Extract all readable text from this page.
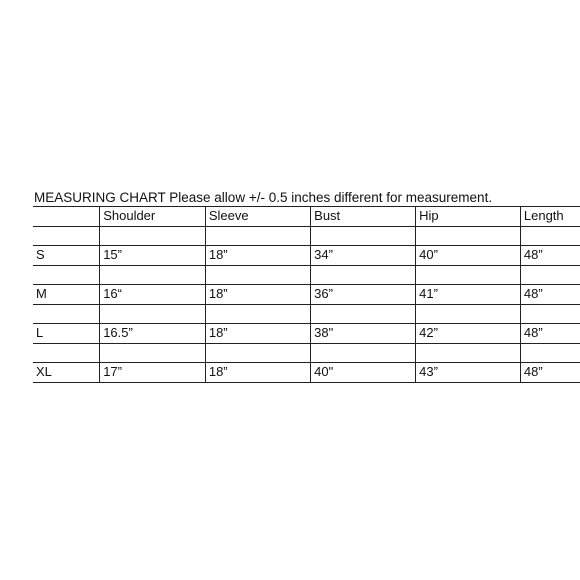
MEASURING CHART Please allow +/- 0.5 inches different for measurement.
	Shoulder	Sleeve	Bust	Hip	Length

S	15”	18”	34”	40”	48”

M	16“	18”	36”	41”	48”

L	16.5”	18”	38"	42”	48”

XL	17”	18”	40"	43”	48”
